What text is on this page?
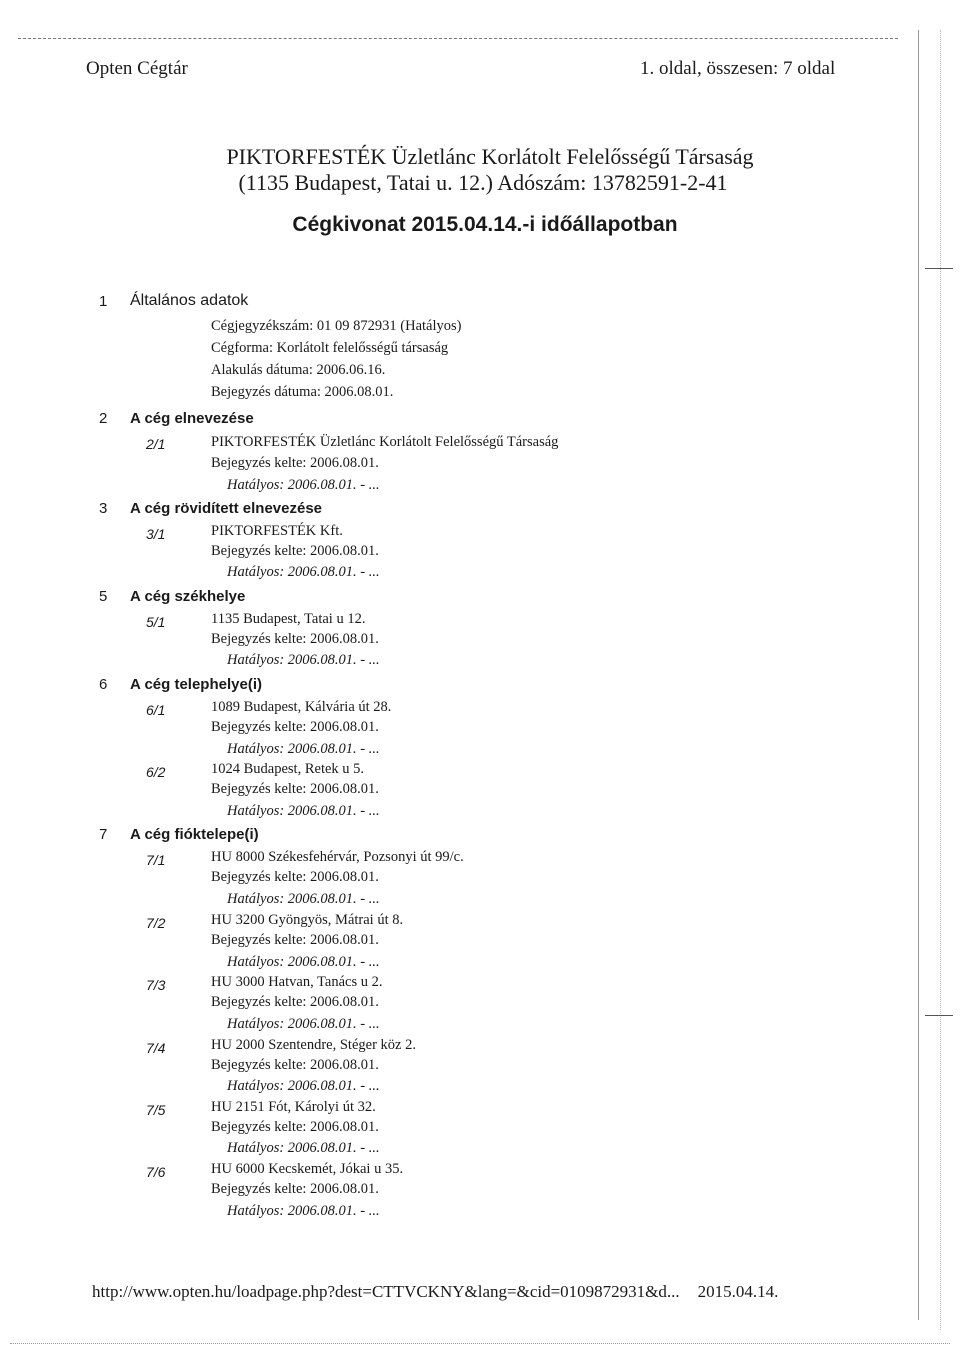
Opten Cégtár	1. oldal, összesen: 7 oldal
PIKTORFESTÉK Üzletlánc Korlátolt Felelősségű Társaság
(1135 Budapest, Tatai u. 12.) Adószám: 13782591-2-41
Cégkivonat 2015.04.14.-i időállapotban
1 Általános adatok
Cégjegyzékszám: 01 09 872931 (Hatályos)
Cégforma: Korlátolt felelősségű társaság
Alakulás dátuma: 2006.06.16.
Bejegyzés dátuma: 2006.08.01.
2 A cég elnevezése
2/1	PIKTORFESTÉK Üzletlánc Korlátolt Felelősségű Társaság
Bejegyzés kelte: 2006.08.01.
Hatályos: 2006.08.01. - ...
3 A cég rövidített elnevezése
3/1	PIKTORFESTÉK Kft.
Bejegyzés kelte: 2006.08.01.
Hatályos: 2006.08.01. - ...
5 A cég székhelye
5/1	1135 Budapest, Tatai u 12.
Bejegyzés kelte: 2006.08.01.
Hatályos: 2006.08.01. - ...
6 A cég telephelye(i)
6/1	1089 Budapest, Kálvária út 28.
Bejegyzés kelte: 2006.08.01.
Hatályos: 2006.08.01. - ...
6/2	1024 Budapest, Retek u 5.
Bejegyzés kelte: 2006.08.01.
Hatályos: 2006.08.01. - ...
7 A cég fióktelepe(i)
7/1	HU 8000 Székesfehérvár, Pozsonyi út 99/c.
Bejegyzés kelte: 2006.08.01.
Hatályos: 2006.08.01. - ...
7/2	HU 3200 Gyöngyös, Mátrai út 8.
Bejegyzés kelte: 2006.08.01.
Hatályos: 2006.08.01. - ...
7/3	HU 3000 Hatvan, Tanács u 2.
Bejegyzés kelte: 2006.08.01.
Hatályos: 2006.08.01. - ...
7/4	HU 2000 Szentendre, Stéger köz 2.
Bejegyzés kelte: 2006.08.01.
Hatályos: 2006.08.01. - ...
7/5	HU 2151 Fót, Károlyi út 32.
Bejegyzés kelte: 2006.08.01.
Hatályos: 2006.08.01. - ...
7/6	HU 6000 Kecskemét, Jókai u 35.
Bejegyzés kelte: 2006.08.01.
Hatályos: 2006.08.01. - ...
http://www.opten.hu/loadpage.php?dest=CTTVCKNY&lang=&cid=0109872931&d... 2015.04.14.
